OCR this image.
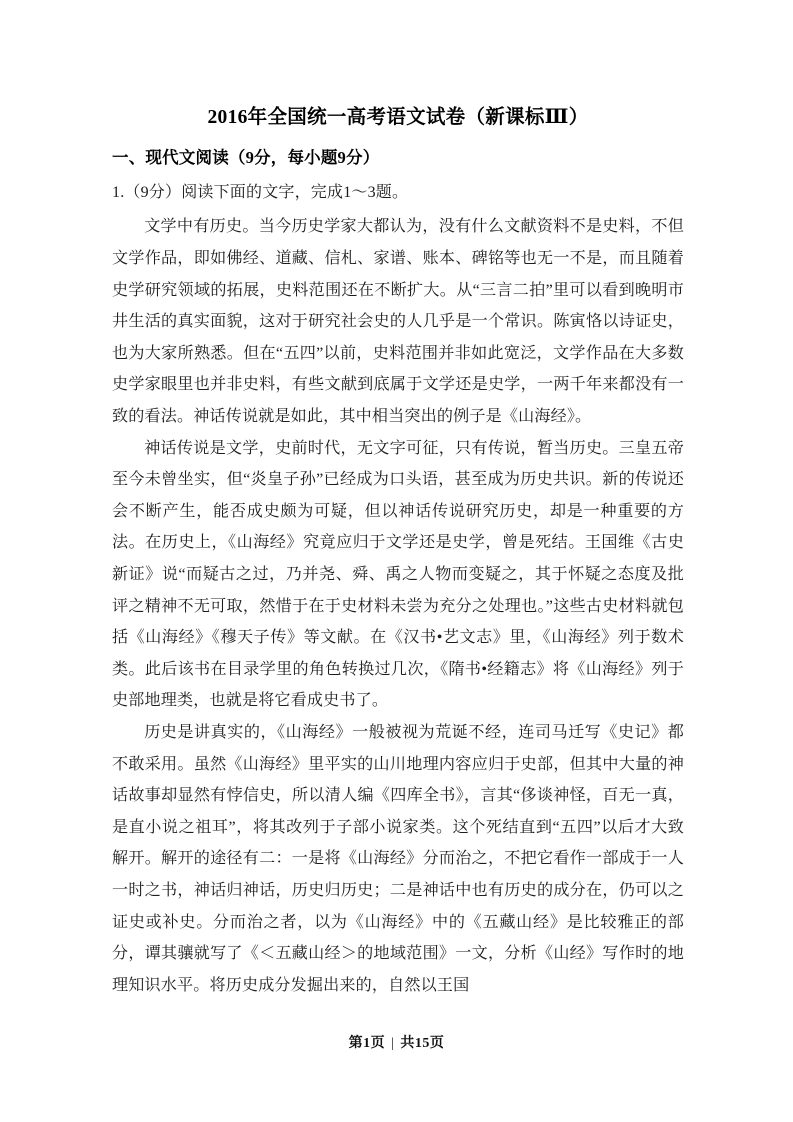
2016年全国统一高考语文试卷（新课标Ⅲ）
一、现代文阅读（9分，每小题9分）

1.（9分）阅读下面的文字，完成1～3题。

文学中有历史。当今历史学家大都认为，没有什么文献资料不是史料，不但文学作品，即如佛经、道藏、信札、家谱、账本、碑铭等也无一不是，而且随着史学研究领域的拓展，史料范围还在不断扩大。从“三言二拍”里可以看到晚明市井生活的真实面貌，这对于研究社会史的人几乎是一个常识。陈寅恪以诗证史，也为大家所熟悉。但在“五四”以前，史料范围并非如此宽泛，文学作品在大多数史学家眼里也并非史料，有些文献到底属于文学还是史学，一两千年来都没有一致的看法。神话传说就是如此，其中相当突出的例子是《山海经》。

神话传说是文学，史前时代，无文字可征，只有传说，暂当历史。三皇五帝至今未曾坐实，但“炎皇子孙”已经成为口头语，甚至成为历史共识。新的传说还会不断产生，能否成史颇为可疑，但以神话传说研究历史，却是一种重要的方法。在历史上，《山海经》究竟应归于文学还是史学，曾是死结。王国维《古史新证》说“而疑古之过，乃并尧、舜、禹之人物而变疑之，其于怀疑之态度及批评之精神不无可取，然惜于在于史材料未尝为充分之处理也。”这些古史材料就包括《山海经》《穆天子传》等文献。在《汉书•艺文志》里，《山海经》列于数术类。此后该书在目录学里的角色转换过几次，《隋书•经籍志》将《山海经》列于史部地理类，也就是将它看成史书了。

历史是讲真实的，《山海经》一般被视为荒诞不经，连司马迁写《史记》都不敢采用。虽然《山海经》里平实的山川地理内容应归于史部，但其中大量的神话故事却显然有悖信史，所以清人编《四库全书》，言其“侈谈神怪，百无一真，是直小说之祖耳”，将其改列于子部小说家类。这个死结直到“五四”以后才大致解开。解开的途径有二：一是将《山海经》分而治之，不把它看作一部成于一人一时之书，神话归神话，历史归历史；二是神话中也有历史的成分在，仍可以之证史或补史。分而治之者，以为《山海经》中的《五藏山经》是比较雅正的部分，谭其骧就写了《＜五藏山经＞的地域范围》一文，分析《山经》写作时的地理知识水平。将历史成分发掘出来的，自然以王国

第1页 | 共15页
